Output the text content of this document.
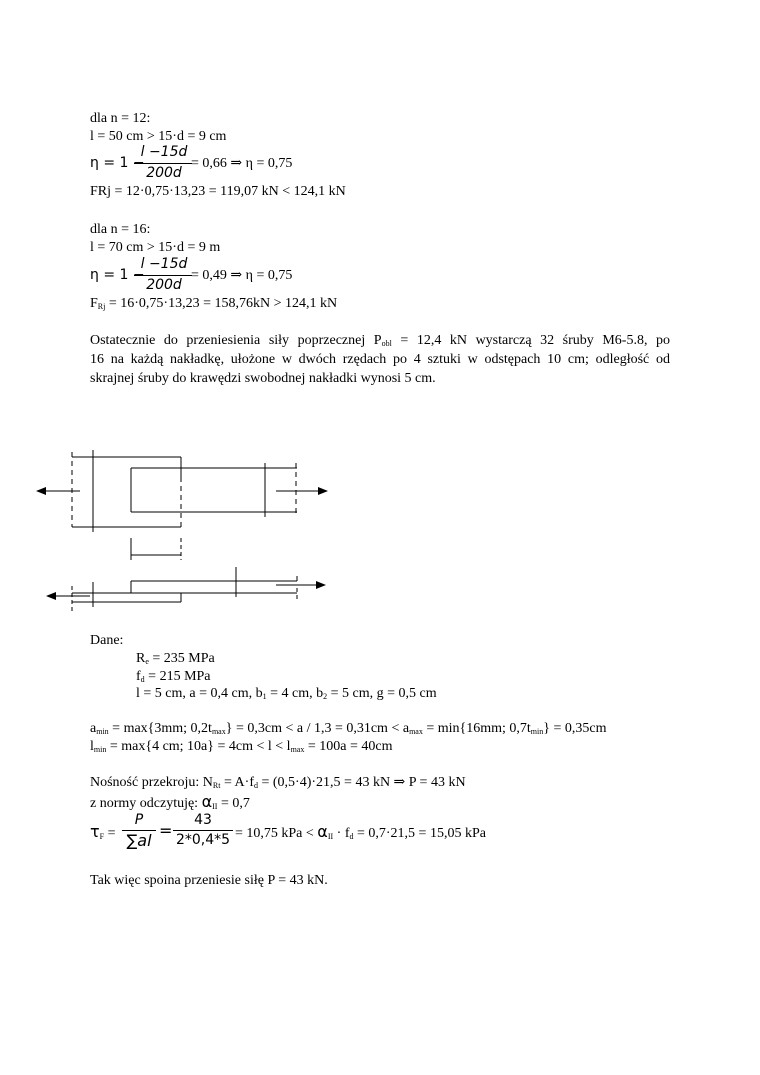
dla n = 12:
l = 50 cm > 15·d = 9 cm
η = 1 −
l −15d
200d
= 0,66 ⇒ η = 0,75
FRj = 12·0,75·13,23 = 119,07 kN < 124,1 kN
dla n = 16:
l = 70 cm > 15·d = 9 m
η = 1 −
l −15d
200d
= 0,49 ⇒ η = 0,75
$F_{Rj} = 16\cdot 0,75\cdot 13,23 = 158,76kN > 124,1$ kN
Ostatecznie do przeniesienia siły poprzecznej $P_{obl} = 12,4$ kN wystarczą 32 śruby M6-5.8, po
16 na każdą nakładkę, ułożone w dwóch rzędach po 4 sztuki w odstępach 10 cm; odległość od
skrajnej śruby do krawędzi swobodnej nakładki wynosi 5 cm.
Dane:
$R_e = 235$ MPa
$f_d = 215$ MPa
l = 5 cm, a = 0,4 cm, $b_1 = 4$ cm, $b_2 = 5$ cm, g = 0,5 cm
$a_{min} = \max\{3mm$; $0,2t_{max}\} = 0,3cm < a / 1,3 = 0,31cm < a_{max} = \min\{16mm$; $0,7t_{min}\} = 0,35cm$
$l_{min} = \max\{4$ cm; $10a\} = 4cm < l < l_{max} = 100a = 40cm$
Nośność przekroju: $N_{Rt} = A\cdot f_d = (0,5\cdot 4)\cdot 21,5 = 43$ kN ⇒ P = 43 kN
z normy odczytuję: $\alpha_{II} = 0,7$
$\tau_F$ =
P
∑al
=
43
2*0,4*5 = 10,75 kPa < $\alpha_{II} \cdot f_d = 0,7\cdot 21,5 = 15,05$ kPa
Tak więc spoina przeniesie siłę P = 43 kN.
